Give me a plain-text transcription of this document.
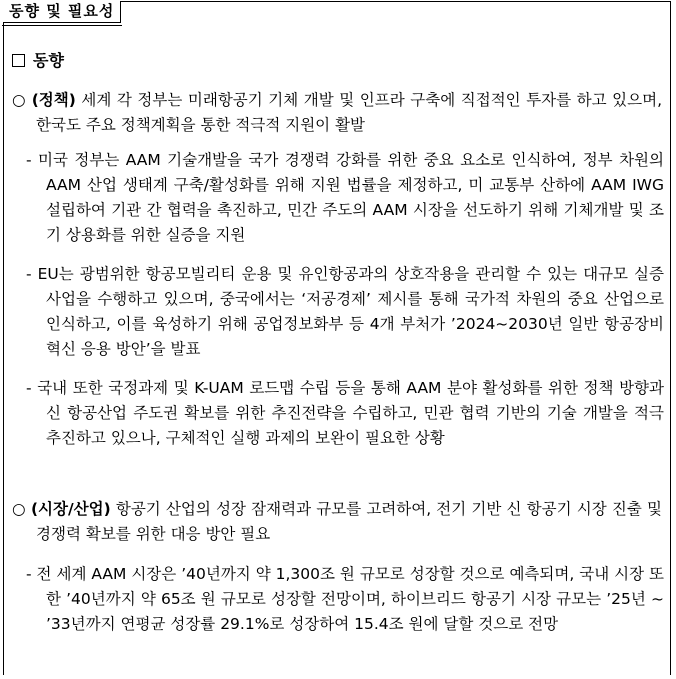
동향 및 필요성
동향
○ (정책) 세계 각 정부는 미래항공기 기체 개발 및 인프라 구축에 직접적인 투자를 하고 있으며, 한국도 주요 정책계획을 통한 적극적 지원이 활발
- 미국 정부는 AAM 기술개발을 국가 경쟁력 강화를 위한 중요 요소로 인식하여, 정부 차원의 AAM 산업 생태계 구축/활성화를 위해 지원 법률을 제정하고, 미 교통부 산하에 AAM IWG 설립하여 기관 간 협력을 촉진하고, 민간 주도의 AAM 시장을 선도하기 위해 기체개발 및 조기 상용화를 위한 실증을 지원
- EU는 광범위한 항공모빌리티 운용 및 유인항공과의 상호작용을 관리할 수 있는 대규모 실증 사업을 수행하고 있으며, 중국에서는 ‘저공경제’ 제시를 통해 국가적 차원의 중요 산업으로 인식하고, 이를 육성하기 위해 공업정보화부 등 4개 부처가 ’2024~2030년 일반 항공장비 혁신 응용 방안’을 발표
- 국내 또한 국정과제 및 K-UAM 로드맵 수립 등을 통해 AAM 분야 활성화를 위한 정책 방향과 신 항공산업 주도권 확보를 위한 추진전략을 수립하고, 민관 협력 기반의 기술 개발을 적극 추진하고 있으나, 구체적인 실행 과제의 보완이 필요한 상황
○ (시장/산업) 항공기 산업의 성장 잠재력과 규모를 고려하여, 전기 기반 신 항공기 시장 진출 및 경쟁력 확보를 위한 대응 방안 필요
- 전 세계 AAM 시장은 ’40년까지 약 1,300조 원 규모로 성장할 것으로 예측되며, 국내 시장 또한 ’40년까지 약 65조 원 규모로 성장할 전망이며, 하이브리드 항공기 시장 규모는 ’25년 ~ ’33년까지 연평균 성장률 29.1%로 성장하여 15.4조 원에 달할 것으로 전망
